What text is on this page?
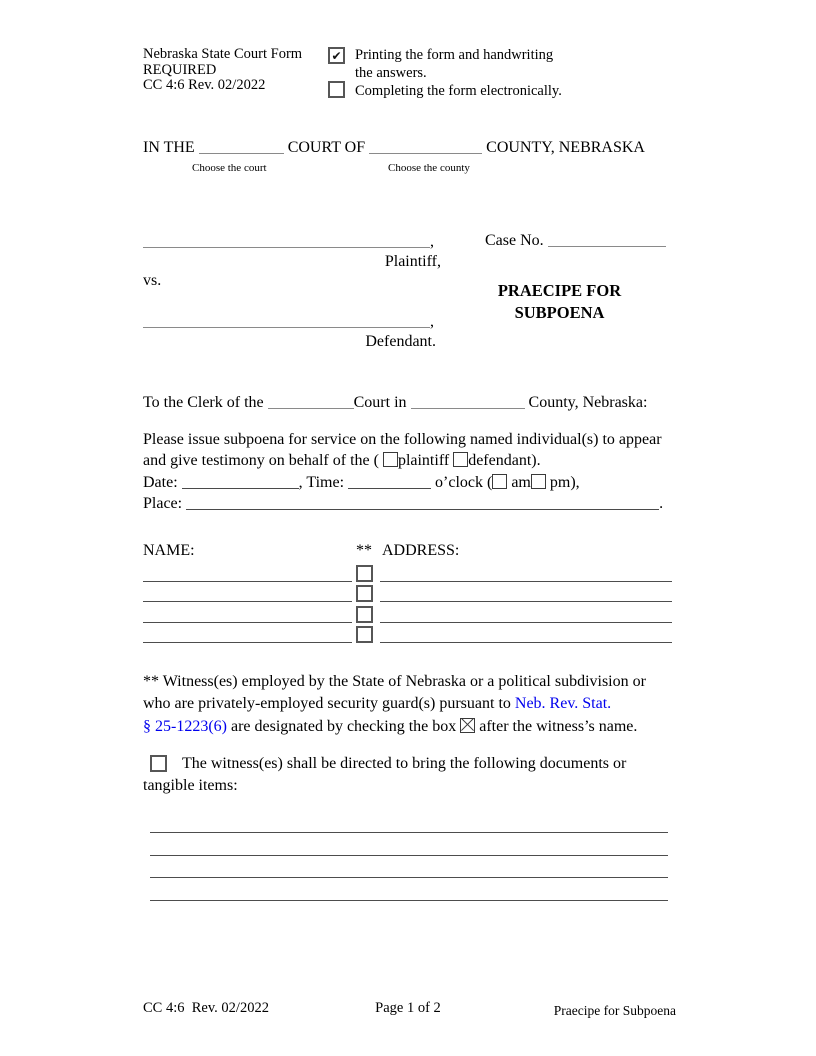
Nebraska State Court Form
REQUIRED
CC 4:6 Rev. 02/2022
✔
Printing the form and handwriting
the answers.
Completing the form electronically.
IN THE	COURT OF	COUNTY, NEBRASKA
Choose the court	Choose the county
,
Plaintiff,
vs.
,
Defendant.
Case No.
PRAECIPE FOR
SUBPOENA
To the Clerk of the	Court in	County, Nebraska:
Please issue subpoena for service on the following named individual(s) to appear
and give testimony on behalf of the ( plaintiff defendant).
Date:	, Time:	o’clock ( am pm),
Place:	.
NAME:	** ADDRESS:
** Witness(es) employed by the State of Nebraska or a political subdivision or
who are privately-employed security guard(s) pursuant to Neb. Rev. Stat.
§ 25-1223(6) are designated by checking the box after the witness’s name.
The witness(es) shall be directed to bring the following documents or
tangible items:
CC 4:6  Rev. 02/2022	Page 1 of 2	Praecipe for Subpoena
